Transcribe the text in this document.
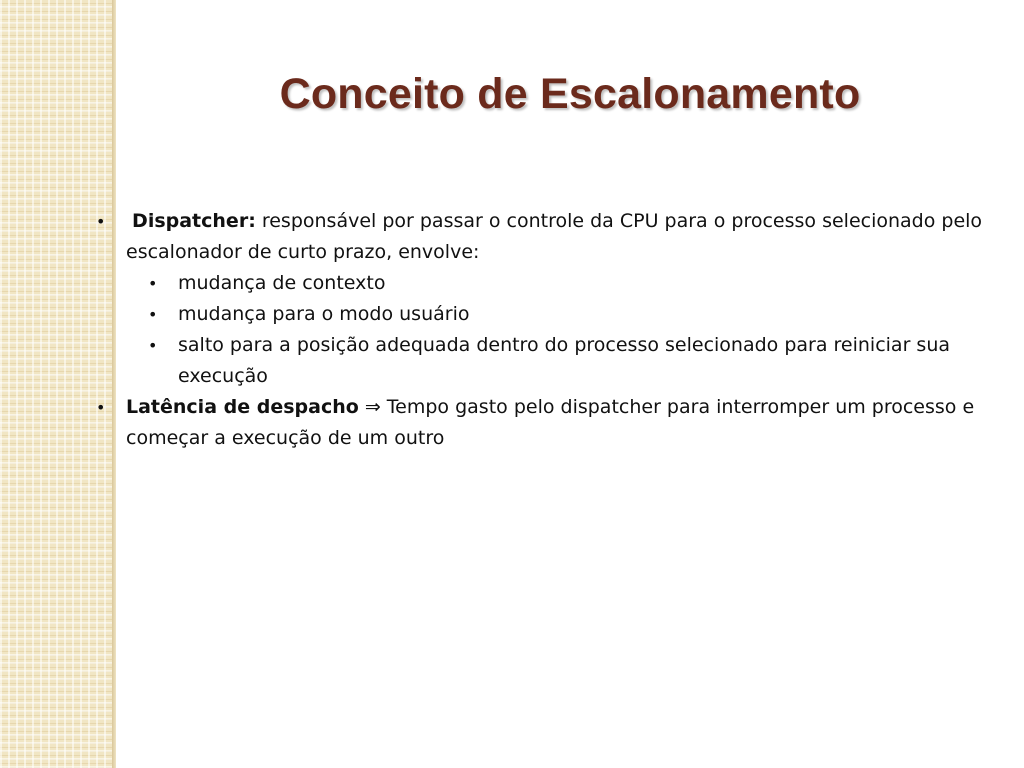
Conceito de Escalonamento
• Dispatcher: responsável por passar o controle da CPU para o processo selecionado pelo escalonador de curto prazo, envolve:
• mudança de contexto
• mudança para o modo usuário
• salto para a posição adequada dentro do processo selecionado para reiniciar sua execução
• Latência de despacho ⇒ Tempo gasto pelo dispatcher para interromper um processo e começar a execução de um outro
